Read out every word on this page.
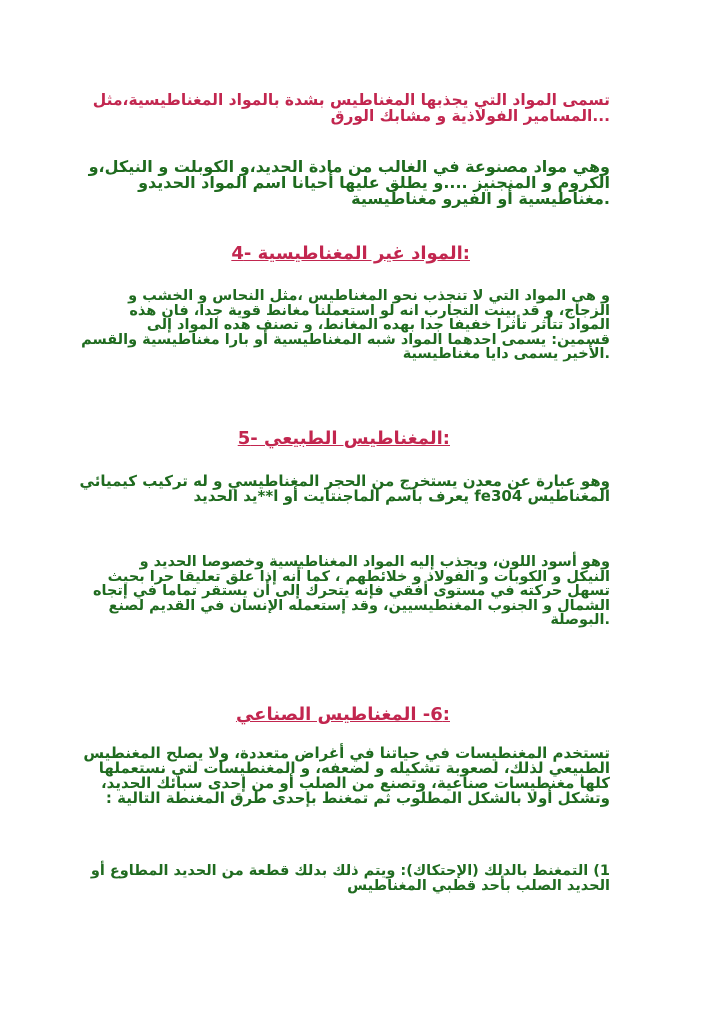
تسمى المواد التي يجذبها المغناطيس بشدة بالمواد المغناطيسية،مثل
...المسامير الفولاذية و مشابك الورق
وهي مواد مصنوعة في الغالب من مادة الحديد،و الكوبلت و النيكل،و
الكروم و المنجنيز ....و يطلق عليها أحيانا اسم المواد الحديدو
.مغناطيسية أو الفيرو مغناطيسية
:المواد غير المغناطيسية -4
و هي المواد التي لا تنجذب نحو المغناطيس ،مثل النحاس و الخشب و
الزجاج، و قد بينت التجارب انه لو استعملنا مغانط قوية جدا، فان هذه
المواد تتأثر تأثرا خفيفا جدا بهده المغانط، و تصنف هده المواد إلى
قسمين: يسمى احدهما المواد شبه المغناطيسية أو بارا مغناطيسية والقسم
.الأخير يسمى دايا مغناطيسية
:المغناطيس الطبيعي -5
وهو عبارة عن معدن يستخرج من الحجر المغناطيسي و له تركيب كيميائي
المغناطيس fe304 يعرف باسم الماجنتايت أو ا**يد الحديد
وهو أسود اللون، ويجذب إليه المواد المغناطيسية وخصوصا الحديد و
النيكل و الكوبات و الفولاذ و خلائطهم ، كما أنه إذا علق تعليقا حرا بحيث
تسهل حركته في مستوى أفقي فإنه يتحرك إلى أن يستقر تماما في إتجاه
الشمال و الجنوب المغنطيسيين، وقد إستعمله الإنسان في القديم لصنع
.البوصلة
:6- المغناطيس الصناعي
تستخدم المغنطيسات في حياتنا في أغراض متعددة، ولا يصلح المغنطيس
الطبيعي لذلك، لصعوبة تشكيله و لضعفه، و المغنطيسات لتي نستعملها
كلها مغنطيسات صناعية، وتصنع من الصلب أو من إحدى سبائك الحديد،
وتشكل أولا بالشكل المطلوب ثم تمغنط بإحدى طرق المغنطة التالية :
1) التمغنط بالدلك (الإحتكاك): ويتم ذلك بدلك قطعة من الحديد المطاوع أو
الحديد الصلب بأحد قطبي المغناطيس
